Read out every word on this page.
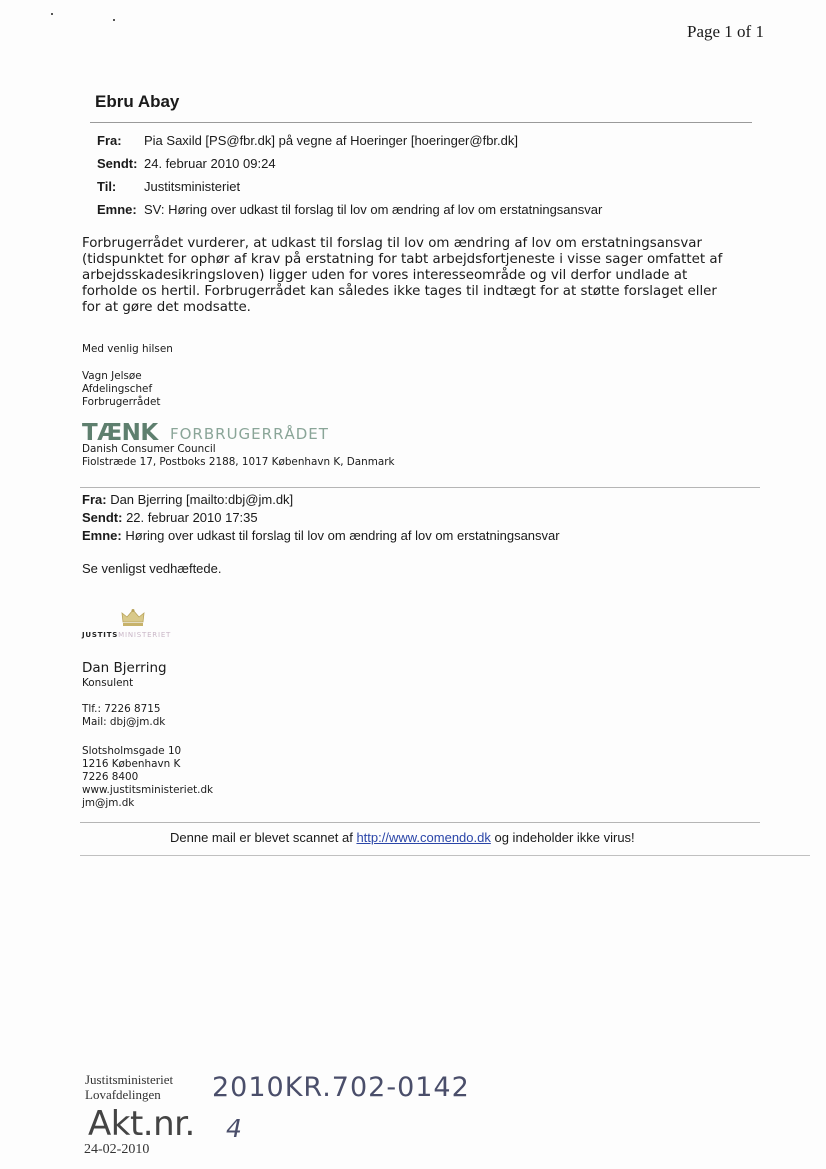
Page 1 of 1
Ebru Abay
Fra: Pia Saxild [PS@fbr.dk] på vegne af Hoeringer [hoeringer@fbr.dk]
Sendt: 24. februar 2010 09:24
Til: Justitsministeriet
Emne: SV: Høring over udkast til forslag til lov om ændring af lov om erstatningsansvar
Forbrugerrådet vurderer, at udkast til forslag til lov om ændring af lov om erstatningsansvar
(tidspunktet for ophør af krav på erstatning for tabt arbejdsfortjeneste i visse sager omfattet af
arbejdsskadesikringsloven) ligger uden for vores interesseområde og vil derfor undlade at
forholde os hertil. Forbrugerrådet kan således ikke tages til indtægt for at støtte forslaget eller
for at gøre det modsatte.
Med venlig hilsen
Vagn Jelsøe
Afdelingschef
Forbrugerrådet
TÆNK FORBRUGERRÅDET
Danish Consumer Council
Fiolstræde 17, Postboks 2188, 1017 København K, Danmark
Fra: Dan Bjerring [mailto:dbj@jm.dk]
Sendt: 22. februar 2010 17:35
Emne: Høring over udkast til forslag til lov om ændring af lov om erstatningsansvar
Se venligst vedhæftede.
JUSTITSMINISTERIET
Dan Bjerring
Konsulent
Tlf.: 7226 8715
Mail: dbj@jm.dk
Slotsholmsgade 10
1216 København K
7226 8400
www.justitsministeriet.dk
jm@jm.dk
Denne mail er blevet scannet af http://www.comendo.dk og indeholder ikke virus!
Justitsministeriet
Lovafdelingen	2010KR.702-0142
Akt.nr. 4
24-02-2010
